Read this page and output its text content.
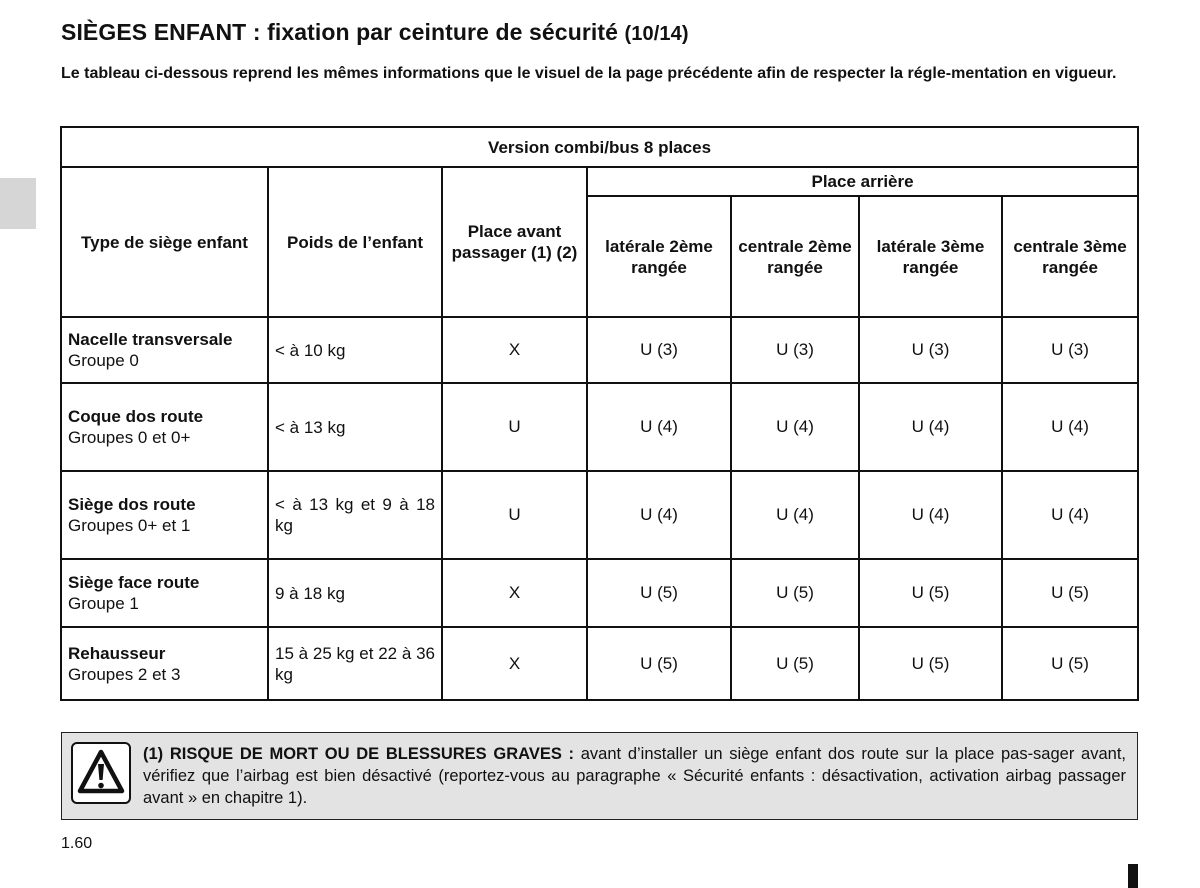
SIÈGES ENFANT : fixation par ceinture de sécurité (10/14)

Le tableau ci-dessous reprend les mêmes informations que le visuel de la page précédente afin de respecter la régle-mentation en vigueur.

Version combi/bus 8 places						
Type de siège enfant	Poids de l’enfant	Place avant passager (1) (2)	Place arrière			
			latérale 2ème rangée	centrale 2ème rangée	latérale 3ème rangée	centrale 3ème rangée

Nacelle transversale
Groupe 0	< à 10 kg	X	U (3)	U (3)	U (3)	U (3)

Coque dos route
Groupes 0 et 0+	< à 13 kg	U	U (4)	U (4)	U (4)	U (4)

Siège dos route
Groupes 0+ et 1	< à 13 kg et 9 à 18 kg	U	U (4)	U (4)	U (4)	U (4)

Siège face route
Groupe 1	9 à 18 kg	X	U (5)	U (5)	U (5)	U (5)

Rehausseur
Groupes 2 et 3	15 à 25 kg et 22 à 36 kg	X	U (5)	U (5)	U (5)	U (5)

(1) RISQUE DE MORT OU DE BLESSURES GRAVES : avant d’installer un siège enfant dos route sur la place pas-sager avant, vérifiez que l’airbag est bien désactivé (reportez-vous au paragraphe « Sécurité enfants : désactivation, activation airbag passager avant » en chapitre 1).

1.60
